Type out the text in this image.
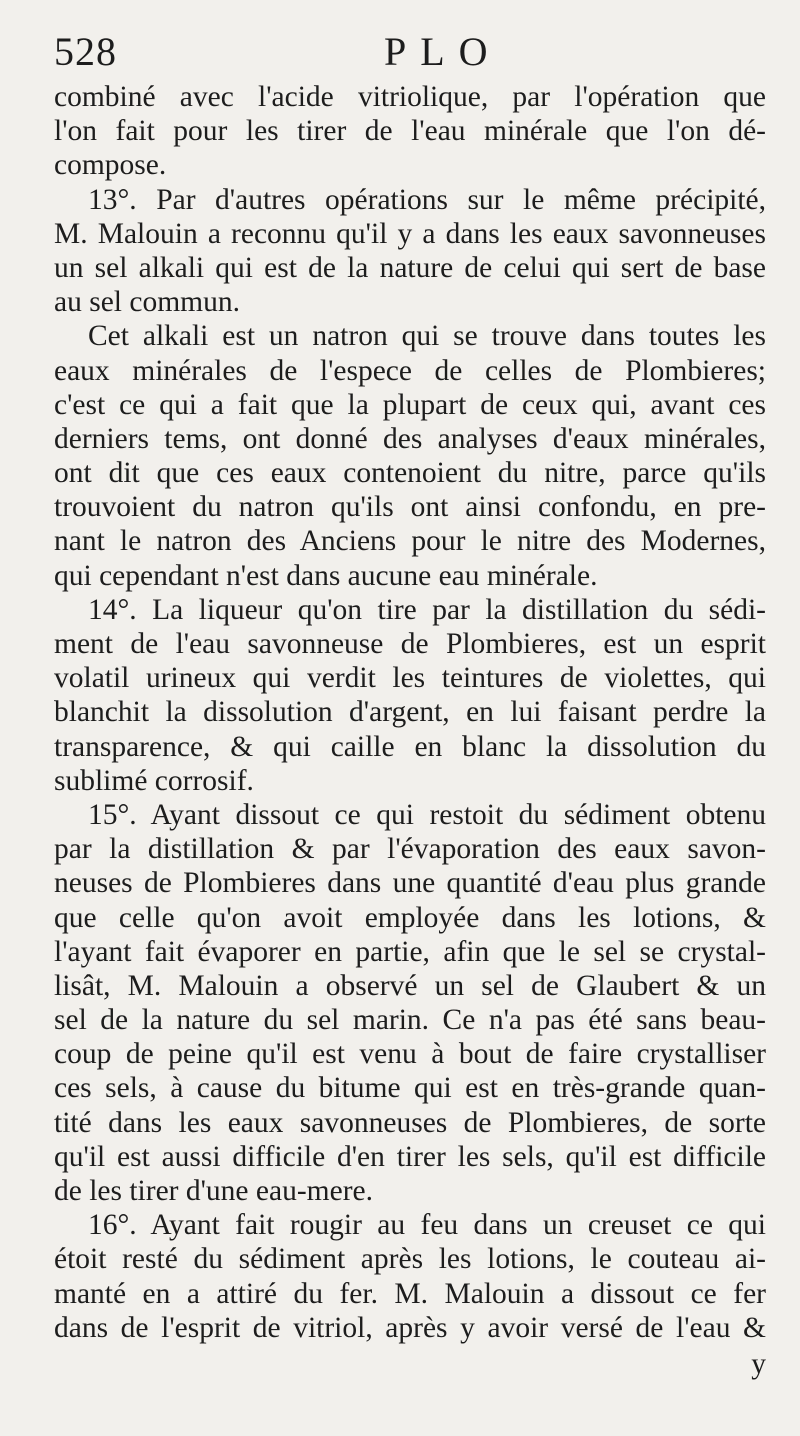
528	PLO
combiné avec l'acide vitriolique, par l'opération que
l'on fait pour les tirer de l'eau minérale que l'on dé-
compose.
13°. Par d'autres opérations sur le même précipité,
M. Malouin a reconnu qu'il y a dans les eaux savonneuses
un sel alkali qui est de la nature de celui qui sert de base
au sel commun.
Cet alkali est un natron qui se trouve dans toutes les
eaux minérales de l'espece de celles de Plombieres;
c'est ce qui a fait que la plupart de ceux qui, avant ces
derniers tems, ont donné des analyses d'eaux minérales,
ont dit que ces eaux contenoient du nitre, parce qu'ils
trouvoient du natron qu'ils ont ainsi confondu, en pre-
nant le natron des Anciens pour le nitre des Modernes,
qui cependant n'est dans aucune eau minérale.
14°. La liqueur qu'on tire par la distillation du sédi-
ment de l'eau savonneuse de Plombieres, est un esprit
volatil urineux qui verdit les teintures de violettes, qui
blanchit la dissolution d'argent, en lui faisant perdre la
transparence, & qui caille en blanc la dissolution du
sublimé corrosif.
15°. Ayant dissout ce qui restoit du sédiment obtenu
par la distillation & par l'évaporation des eaux savon-
neuses de Plombieres dans une quantité d'eau plus grande
que celle qu'on avoit employée dans les lotions, &
l'ayant fait évaporer en partie, afin que le sel se crystal-
lisât, M. Malouin a observé un sel de Glaubert & un
sel de la nature du sel marin. Ce n'a pas été sans beau-
coup de peine qu'il est venu à bout de faire crystalliser
ces sels, à cause du bitume qui est en très-grande quan-
tité dans les eaux savonneuses de Plombieres, de sorte
qu'il est aussi difficile d'en tirer les sels, qu'il est difficile
de les tirer d'une eau-mere.
16°. Ayant fait rougir au feu dans un creuset ce qui
étoit resté du sédiment après les lotions, le couteau ai-
manté en a attiré du fer. M. Malouin a dissout ce fer
dans de l'esprit de vitriol, après y avoir versé de l'eau &
y
